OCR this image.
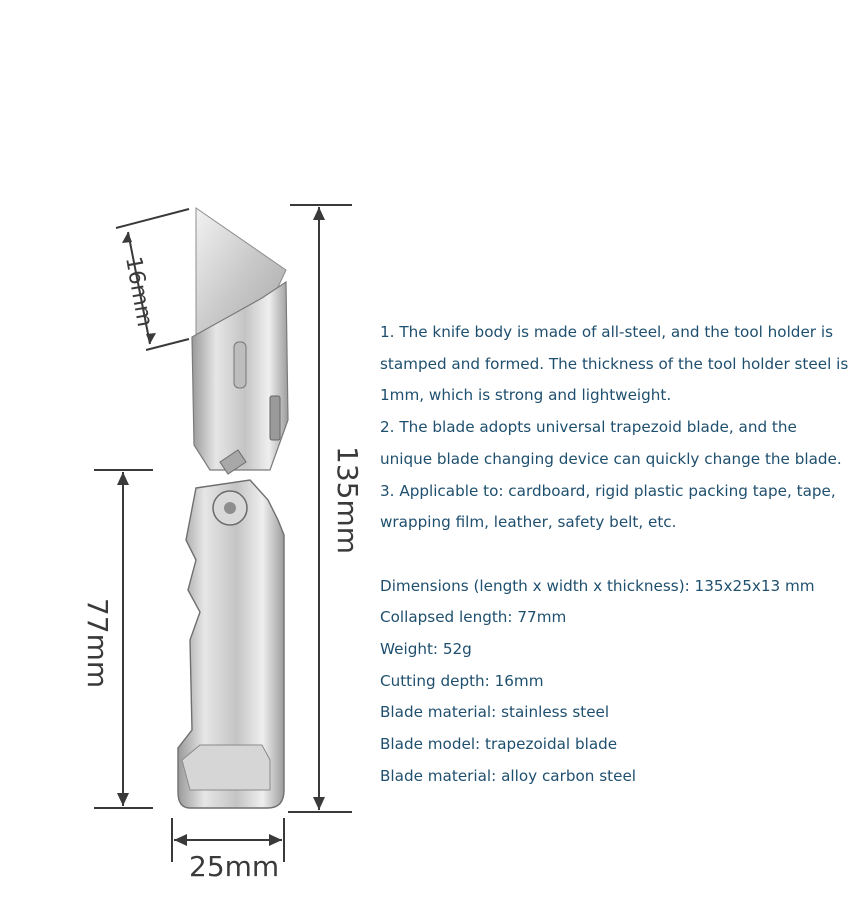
16mm
135mm
77mm
25mm

1. The knife body is made of all-steel, and the tool holder is

stamped and formed. The thickness of the tool holder steel is

1mm, which is strong and lightweight.

2. The blade adopts universal trapezoid blade, and the

unique blade changing device can quickly change the blade.

3. Applicable to: cardboard, rigid plastic packing tape, tape,

wrapping film, leather, safety belt, etc.

Dimensions (length x width x thickness): 135x25x13 mm

Collapsed length: 77mm

Weight: 52g

Cutting depth: 16mm

Blade material: stainless steel

Blade model: trapezoidal blade

Blade material: alloy carbon steel
